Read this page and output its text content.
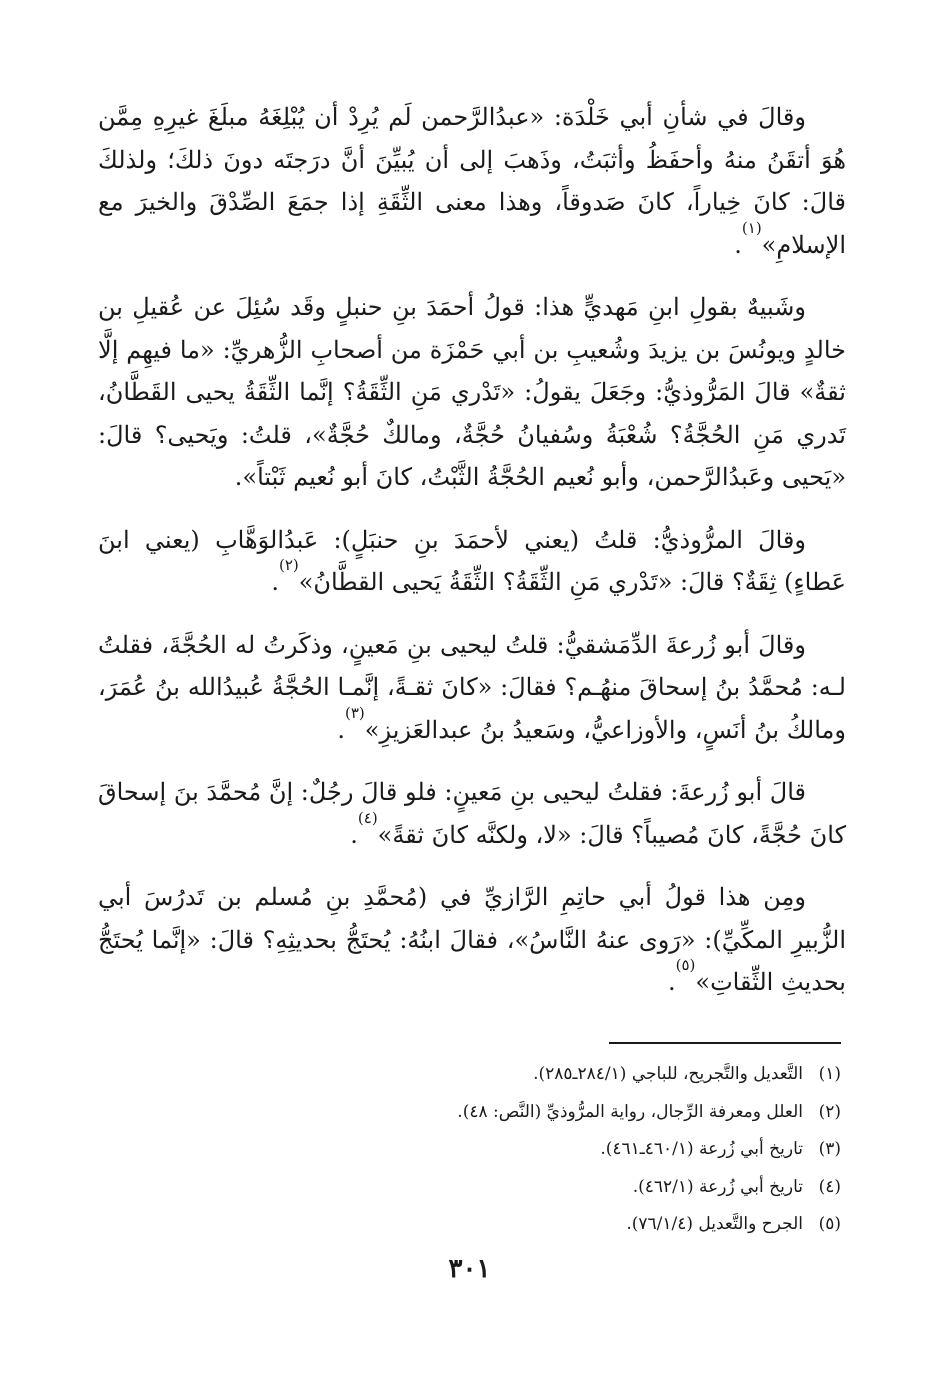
وقالَ في شأنِ أبي خَلْدَة: «عبدُالرَّحمن لَم يُرِدْ أن يُبْلِغَهُ مبلَغَ غيرِهِ مِمَّن هُوَ أتقَنُ منهُ وأحفَظُ وأثبَتُ، وذَهبَ إلى أن يُبيِّنَ أنَّ درَجتَه دونَ ذلكَ؛ ولذلكَ قالَ: كانَ خِياراً، كانَ صَدوقاً، وهذا معنى الثِّقَةِ إذا جمَعَ الصِّدْقَ والخيرَ مع الإسلامِ»$^{(١)}$.

وشَبيهٌ بقولِ ابنِ مَهديٍّ هذا: قولُ أحمَدَ بنِ حنبلٍ وقَد سُئِلَ عن عُقيلِ بن خالدٍ ويونُسَ بن يزيدَ وشُعيبِ بن أبي حَمْزَة من أصحابِ الزُّهريِّ: «ما فيهِم إلَّا ثقةٌ» قالَ المَرُّوذيُّ: وجَعَلَ يقولُ: «تَدْري مَنِ الثِّقَةُ؟ إنَّما الثِّقَةُ يحيى القَطَّانُ، تَدري مَنِ الحُجَّةُ؟ شُعْبَةُ وسُفيانُ حُجَّةٌ، ومالكٌ حُجَّةٌ»، قلتُ: ويَحيى؟ قالَ: «يَحيى وعَبدُالرَّحمن، وأبو نُعيم الحُجَّةُ الثَّبْتُ، كانَ أبو نُعيم ثَبْتاً».

وقالَ المرُّوذيُّ: قلتُ (يعني لأحمَدَ بنِ حنبَلٍ): عَبدُالوَهَّابِ (يعني ابنَ عَطاءٍ) ثِقَةٌ؟ قالَ: «تَدْري مَنِ الثِّقَةُ؟ الثِّقَةُ يَحيى القطَّانُ»$^{(٢)}$.

وقالَ أبو زُرعةَ الدِّمَشقيُّ: قلتُ ليحيى بنِ مَعينٍ، وذكَرتُ له الحُجَّةَ، فقلتُ لـه: مُحمَّدُ بنُ إسحاقَ منهُـم؟ فقالَ: «كانَ ثقـةً، إنَّمـا الحُجَّةُ عُبيدُالله بنُ عُمَرَ، ومالكُ بنُ أنَسٍ، والأوزاعيُّ، وسَعيدُ بنُ عبدالعَزيزِ»$^{(٣)}$.

قالَ أبو زُرعةَ: فقلتُ ليحيى بنِ مَعينٍ: فلو قالَ رجُلٌ: إنَّ مُحمَّدَ بنَ إسحاقَ كانَ حُجَّةً، كانَ مُصيباً؟ قالَ: «لا، ولكنَّه كانَ ثقةً»$^{(٤)}$.

ومِن هذا قولُ أبي حاتِمِ الرَّازيِّ في (مُحمَّدِ بنِ مُسلم بن تَدرُسَ أبي الزُّبيرِ المكِّيِّ): «رَوى عنهُ النَّاسُ»، فقالَ ابنُهُ: يُحتَجُّ بحديثِهِ؟ قالَ: «إنَّما يُحتَجُّ بحديثِ الثِّقاتِ»$^{(٥)}$.

(١)التَّعديل والتَّجريح، للباجي (٢٨٤/١ـ٢٨٥).
(٢)العلل ومعرفة الرِّجال، رواية المرُّوذيِّ (النَّص: ٤٨).
(٣)تاريخ أبي زُرعة (٤٦٠/١ـ٤٦١).
(٤)تاريخ أبي زُرعة (٤٦٢/١).
(٥)الجرح والتَّعديل (٧٦/١/٤).
٣٠١
